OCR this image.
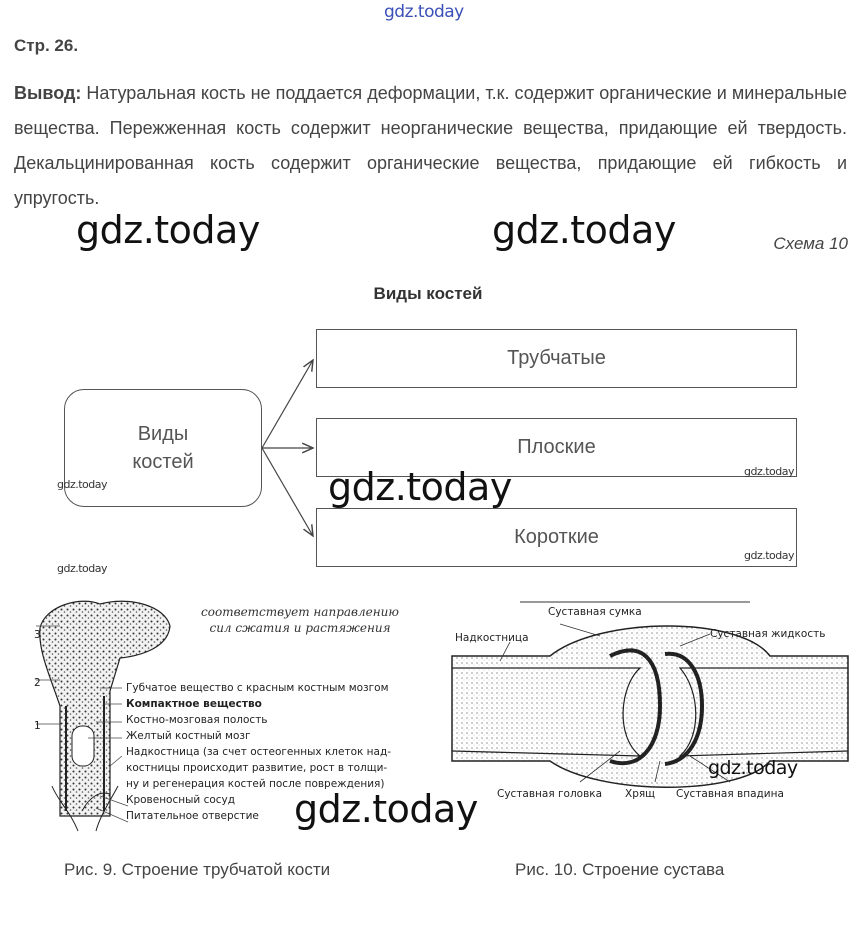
gdz.today
Стр. 26.

Вывод: Натуральная кость не поддается деформации, т.к. содержит органические и минеральные вещества. Пережженная кость содержит неорганические вещества, придающие ей твердость. Декальцинированная кость содержит органические вещества, придающие ей гибкость и упругость.

gdz.today	gdz.today	Схема 10
Виды костей
Виды
костей
Трубчатые
Плоские
Короткие
gdz.today
gdz.today
gdz.today
gdz.today
gdz.today
3
2
1
соответствует направлению
сил сжатия и растяжения
Губчатое вещество с красным костным мозгом
Компактное вещество
Костно-мозговая полость
Желтый костный мозг
Надкостница (за счет остеогенных клеток над-
костницы происходит развитие, рост в толщи-
ну и регенерация костей после повреждения)
Кровеносный сосуд
Питательное отверстие
Суставная сумка
Надкостница	Суставная жидкость
Суставная головка Хрящ Суставная впадина
gdz.today
gdz.today
Рис. 9. Строение трубчатой кости	Рис. 10. Строение сустава
